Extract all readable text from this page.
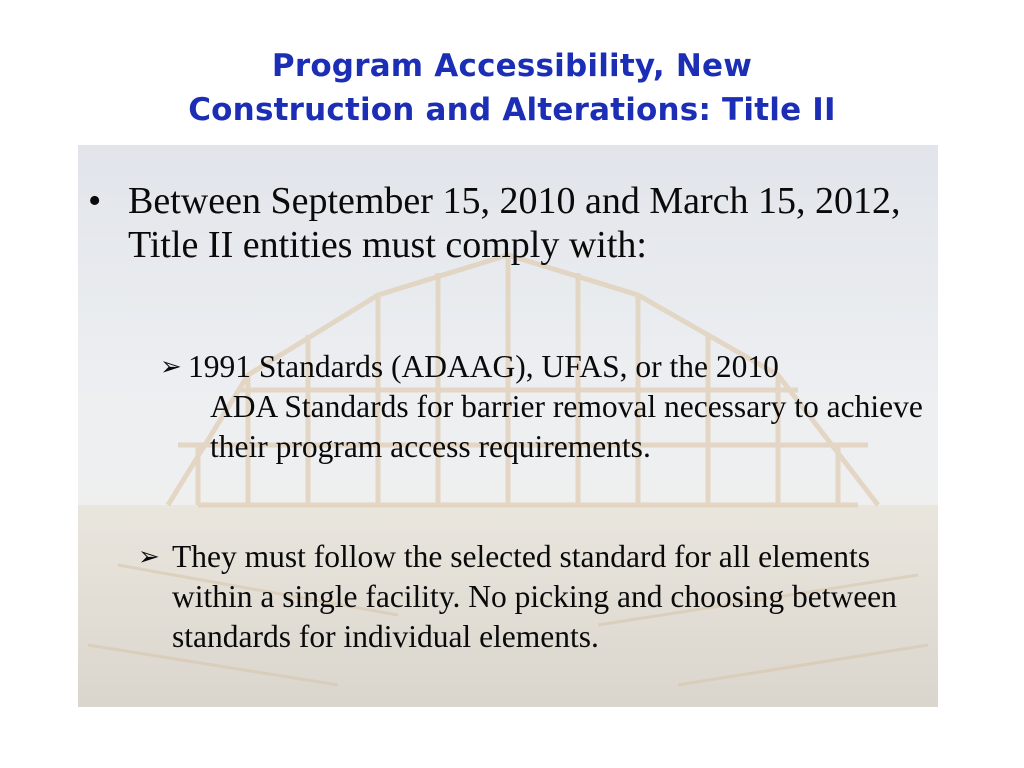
Program Accessibility, New
Construction and Alterations: Title II
• Between September 15, 2010 and March 15, 2012, Title II entities must comply with:
➢ 1991 Standards (ADAAG), UFAS, or the 2010
ADA Standards for barrier removal necessary to achieve their program access requirements.
➢ They must follow the selected standard for all elements within a single facility. No picking and choosing between standards for individual elements.
